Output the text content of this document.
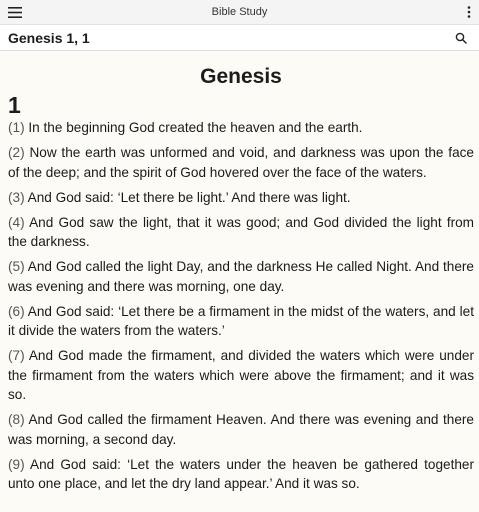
Bible Study
Genesis 1, 1
Genesis
1

(1) In the beginning God created the heaven and the earth.

(2) Now the earth was unformed and void, and darkness was upon the face of the deep; and the spirit of God hovered over the face of the waters.

(3) And God said: ‘Let there be light.’ And there was light.

(4) And God saw the light, that it was good; and God divided the light from the darkness.

(5) And God called the light Day, and the darkness He called Night. And there was evening and there was morning, one day.

(6) And God said: ‘Let there be a firmament in the midst of the waters, and let it divide the waters from the waters.’

(7) And God made the firmament, and divided the waters which were under the firmament from the waters which were above the firmament; and it was so.

(8) And God called the firmament Heaven. And there was evening and there was morning, a second day.

(9) And God said: ‘Let the waters under the heaven be gathered together unto one place, and let the dry land appear.’ And it was so.
